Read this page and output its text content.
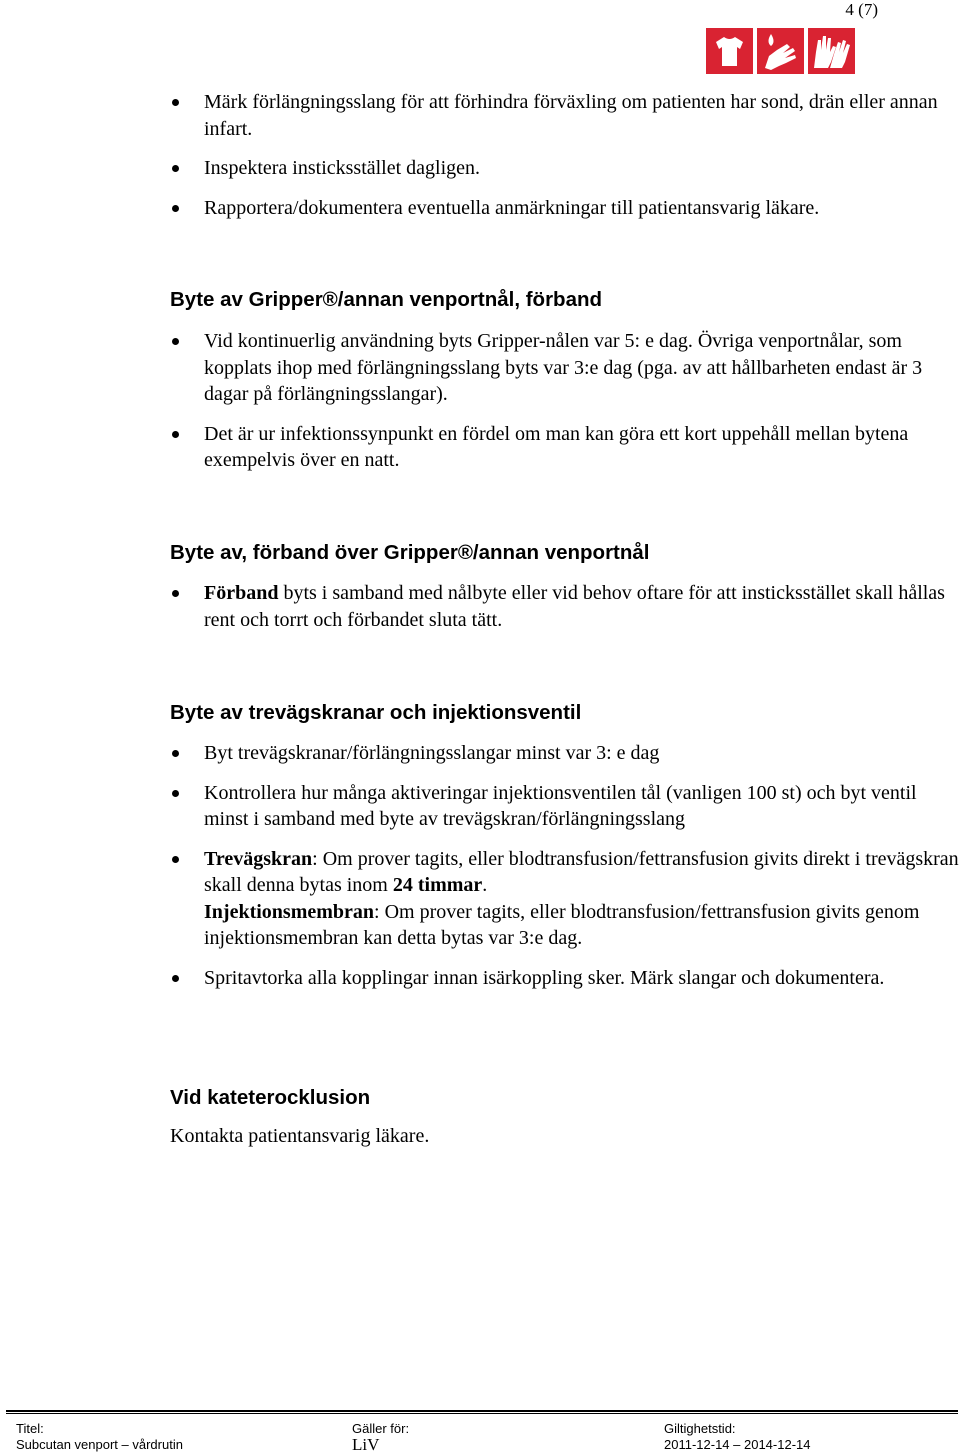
4 (7)
Märk förlängningsslang för att förhindra förväxling om patienten har sond, drän eller annan infart.
Inspektera insticksstället dagligen.
Rapportera/dokumentera eventuella anmärkningar till patientansvarig läkare.
Byte av Gripper®/annan venportnål, förband
Vid kontinuerlig användning byts Gripper-nålen var 5: e dag. Övriga venportnålar, som kopplats ihop med förlängningsslang byts var 3:e dag (pga. av att hållbarheten endast är 3 dagar på förlängningsslangar).
Det är ur infektionssynpunkt en fördel om man kan göra ett kort uppehåll mellan bytena exempelvis över en natt.
Byte av, förband över Gripper®/annan venportnål
Förband byts i samband med nålbyte eller vid behov oftare för att insticksstället skall hållas rent och torrt och förbandet sluta tätt.
Byte av trevägskranar och injektionsventil
Byt trevägskranar/förlängningsslangar minst var 3: e dag
Kontrollera hur många aktiveringar injektionsventilen tål (vanligen 100 st) och byt ventil minst i samband med byte av trevägskran/förlängningsslang
Trevägskran: Om prover tagits, eller blodtransfusion/fettransfusion givits direkt i trevägskran skall denna bytas inom 24 timmar.
Injektionsmembran: Om prover tagits, eller blodtransfusion/fettransfusion givits genom injektionsmembran kan detta bytas var 3:e dag.
Spritavtorka alla kopplingar innan isärkoppling sker. Märk slangar och dokumentera.
Vid kateterocklusion
Kontakta patientansvarig läkare.
Titel:
Subcutan venport – vårdrutin
Gäller för:
LiV
Giltighetstid:
2011-12-14 – 2014-12-14
